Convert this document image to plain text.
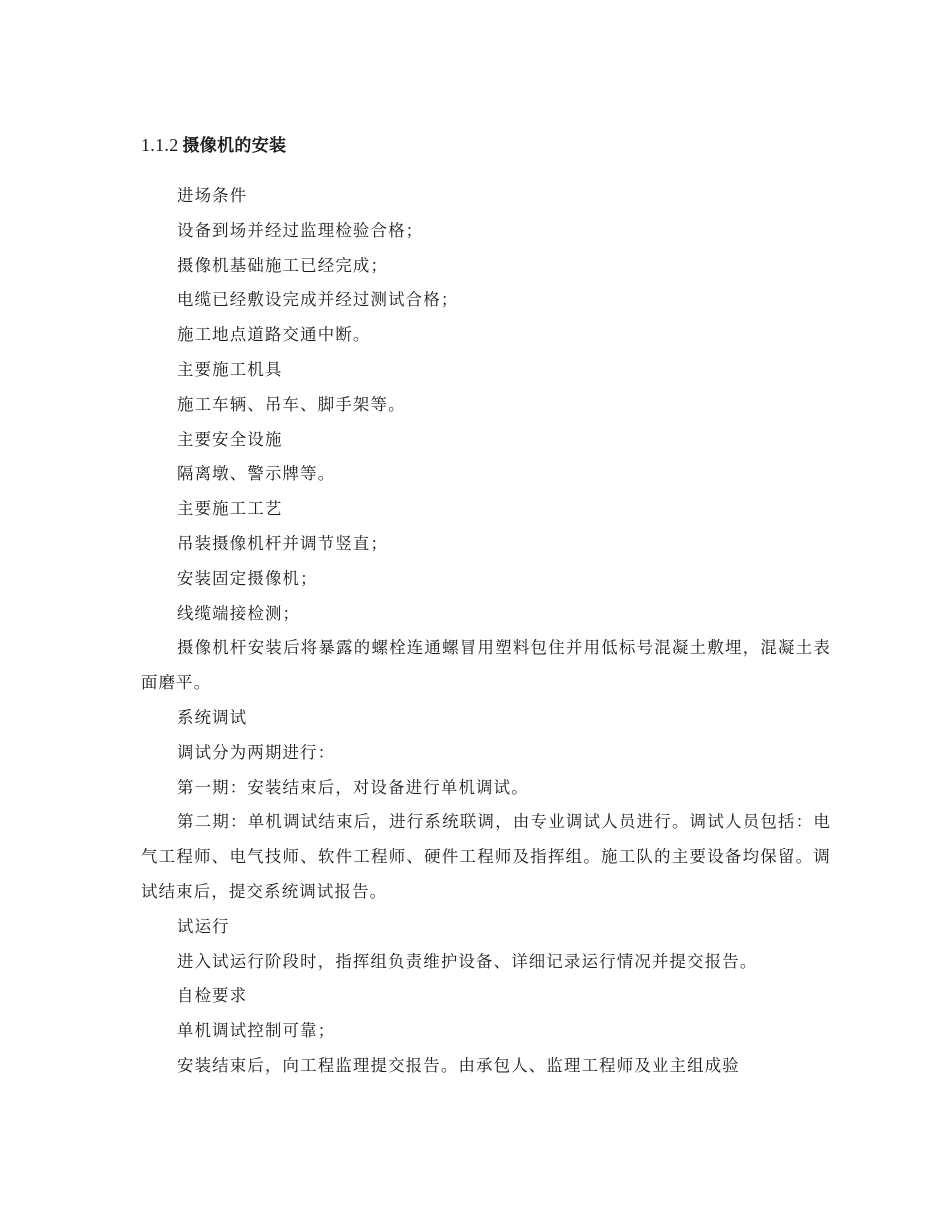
1.1.2 摄像机的安装

进场条件

设备到场并经过监理检验合格；

摄像机基础施工已经完成；

电缆已经敷设完成并经过测试合格；

施工地点道路交通中断。

主要施工机具

施工车辆、吊车、脚手架等。

主要安全设施

隔离墩、警示牌等。

主要施工工艺

吊装摄像机杆并调节竖直；

安装固定摄像机；

线缆端接检测；

摄像机杆安装后将暴露的螺栓连通螺冒用塑料包住并用低标号混凝土敷埋，混凝土表面磨平。

系统调试

调试分为两期进行：

第一期：安装结束后，对设备进行单机调试。

第二期：单机调试结束后，进行系统联调，由专业调试人员进行。调试人员包括：电气工程师、电气技师、软件工程师、硬件工程师及指挥组。施工队的主要设备均保留。调试结束后，提交系统调试报告。

试运行

进入试运行阶段时，指挥组负责维护设备、详细记录运行情况并提交报告。

自检要求

单机调试控制可靠；

安装结束后，向工程监理提交报告。由承包人、监理工程师及业主组成验
